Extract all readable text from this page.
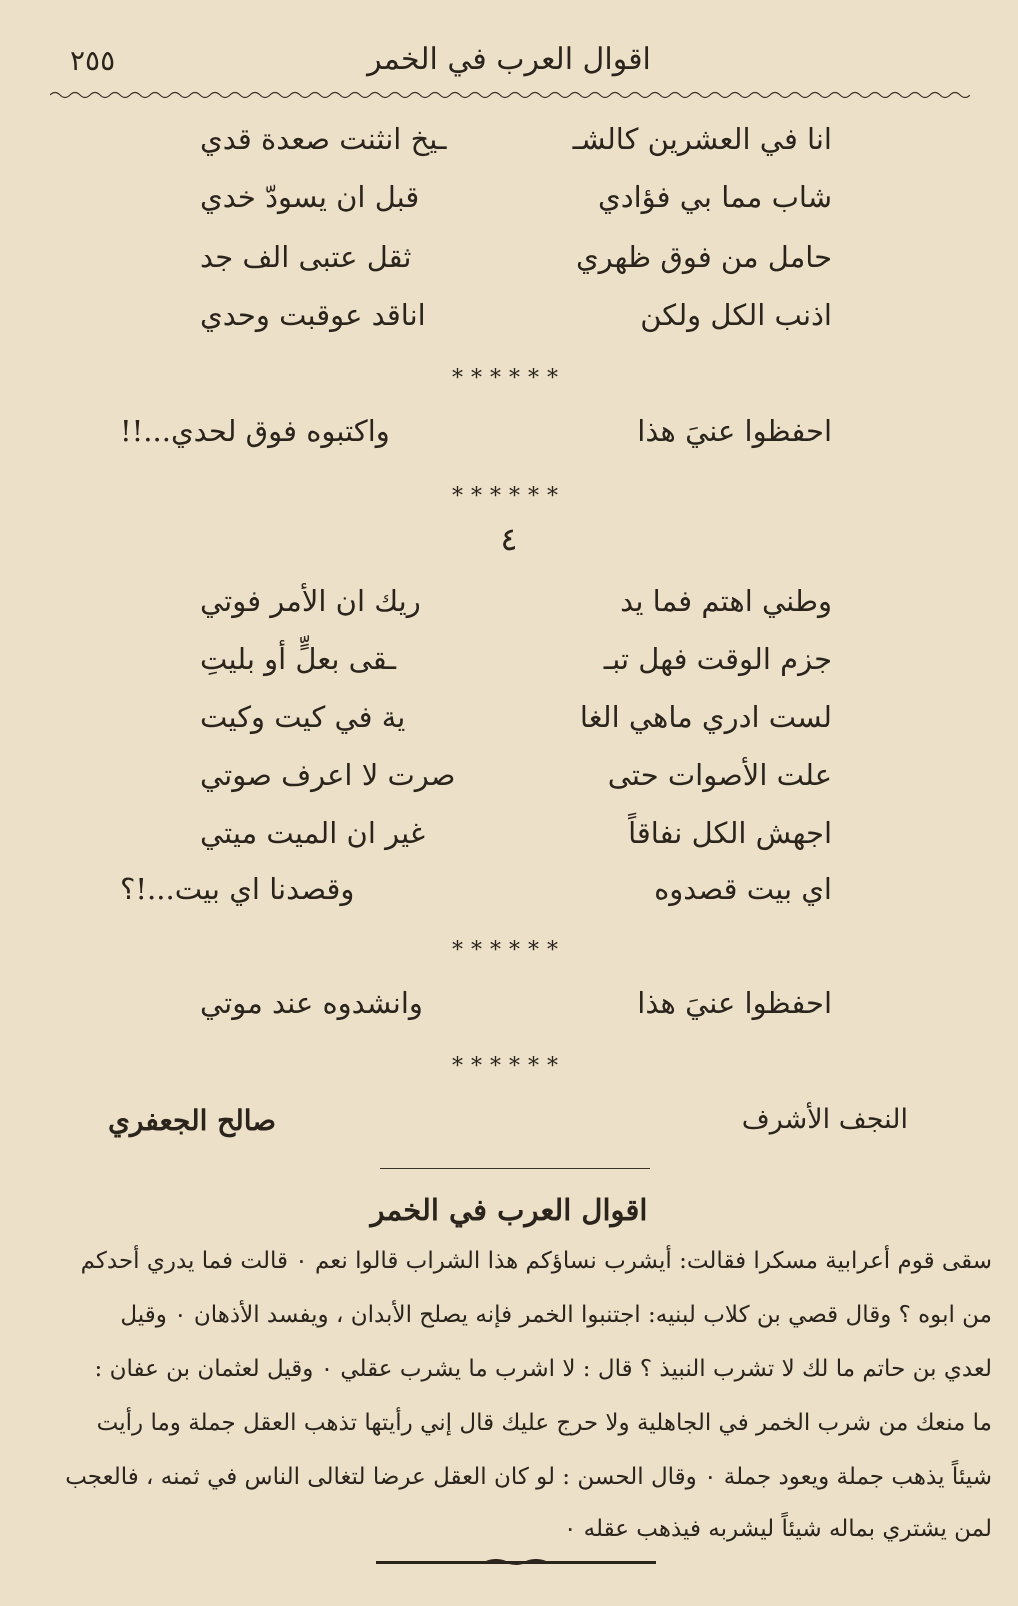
٢٥٥	اقوال العرب في الخمر
انا في العشرين كالشـ
ـيخ انثنت صعدة قدي
شاب مما بي فؤادي
قبل ان يسودّ خدي
حامل من فوق ظهري
ثقل عتبى الف جد
اذنب الكل ولكن
اناقد عوقبت وحدي
******
احفظوا عنيَ هذا
واكتبوه فوق لحدي...!!
******
٤
وطني اهتم فما يد
ريك ان الأمر فوتي
جزم الوقت فهل تبـ
ـقى بعلٍّ أو بليتِ
لست ادري ماهي الغا
ية في كيت وكيت
علت الأصوات حتى
صرت لا اعرف صوتي
اجهش الكل نفاقاً
غير ان الميت ميتي
اي بيت قصدوه
وقصدنا اي بيت...!؟
******
احفظوا عنيَ هذا
وانشدوه عند موتي
******
النجف الأشرف
صالح الجعفري
اقوال العرب في الخمر
سقى قوم أعرابية مسكرا فقالت: أيشرب نساؤكم هذا الشراب قالوا نعم ٠ قالت فما يدري أحدكم
من ابوه ؟ وقال قصي بن كلاب لبنيه: اجتنبوا الخمر فإنه يصلح الأبدان ، ويفسد الأذهان ٠ وقيل
لعدي بن حاتم ما لك لا تشرب النبيذ ؟ قال : لا اشرب ما يشرب عقلي ٠ وقيل لعثمان بن عفان :
ما منعك من شرب الخمر في الجاهلية ولا حرج عليك قال إني رأيتها تذهب العقل جملة وما رأيت
شيئاً يذهب جملة ويعود جملة ٠ وقال الحسن : لو كان العقل عرضا لتغالى الناس في ثمنه ، فالعجب
لمن يشتري بماله شيئاً ليشربه فيذهب عقله ٠
